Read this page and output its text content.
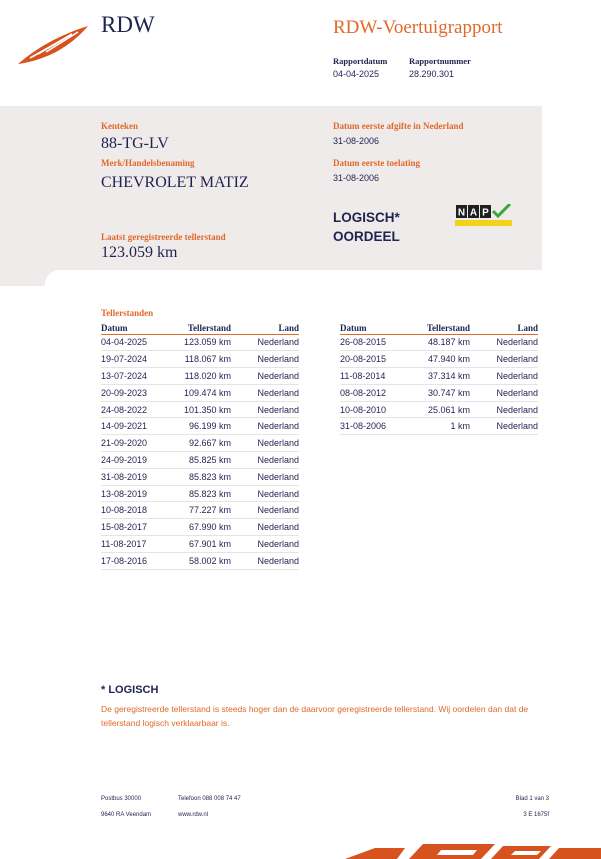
RDW	RDW-Voertuigrapport
Rapportdatum
04-04-2025
Rapportnummer
28.290.301
Kenteken
88-TG-LV
Merk/Handelsbenaming
CHEVROLET MATIZ
Laatst geregistreerde tellerstand
123.059 km
Datum eerste afgifte in Nederland
31-08-2006
Datum eerste toelating
31-08-2006
LOGISCH*
OORDEEL
N A P
Tellerstanden
Datum	Tellerstand	Land
04-04-2025	123.059 km	Nederland
19-07-2024	118.067 km	Nederland
13-07-2024	118.020 km	Nederland
20-09-2023	109.474 km	Nederland
24-08-2022	101.350 km	Nederland
14-09-2021	96.199 km	Nederland
21-09-2020	92.667 km	Nederland
24-09-2019	85.825 km	Nederland
31-08-2019	85.823 km	Nederland
13-08-2019	85.823 km	Nederland
10-08-2018	77.227 km	Nederland
15-08-2017	67.990 km	Nederland
11-08-2017	67.901 km	Nederland
17-08-2016	58.002 km	Nederland
Datum	Tellerstand	Land
26-08-2015	48.187 km	Nederland
20-08-2015	47.940 km	Nederland
11-08-2014	37.314 km	Nederland
08-08-2012	30.747 km	Nederland
10-08-2010	25.061 km	Nederland
31-08-2006	1 km	Nederland
* LOGISCH
De geregistreerde tellerstand is steeds hoger dan de daarvoor geregistreerde tellerstand. Wij oordelen dan dat de tellerstand logisch verklaarbaar is.
Postbus 30000
9640 RA Veendam
Telefoon 088 008 74 47
www.rdw.nl
Blad 1 van 3
3 E 1675f
